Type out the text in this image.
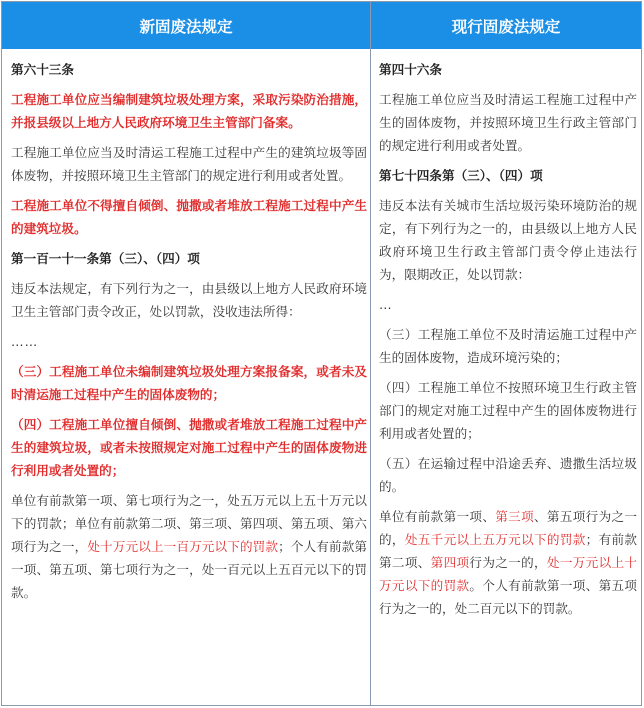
新固废法规定	现行固废法规定

第六十三条

工程施工单位应当编制建筑垃圾处理方案，采取污染防治措施，并报县级以上地方人民政府环境卫生主管部门备案。

工程施工单位应当及时清运工程施工过程中产生的建筑垃圾等固体废物，并按照环境卫生主管部门的规定进行利用或者处置。

工程施工单位不得擅自倾倒、抛撒或者堆放工程施工过程中产生的建筑垃圾。

第一百一十一条第（三）、（四）项

违反本法规定，有下列行为之一，由县级以上地方人民政府环境卫生主管部门责令改正，处以罚款，没收违法所得：

……

（三）工程施工单位未编制建筑垃圾处理方案报备案，或者未及时清运施工过程中产生的固体废物的；

（四）工程施工单位擅自倾倒、抛撒或者堆放工程施工过程中产生的建筑垃圾，或者未按照规定对施工过程中产生的固体废物进行利用或者处置的；

单位有前款第一项、第七项行为之一，处五万元以上五十万元以下的罚款；单位有前款第二项、第三项、第四项、第五项、第六项行为之一，处十万元以上一百万元以下的罚款；个人有前款第一项、第五项、第七项行为之一，处一百元以上五百元以下的罚款。

第四十六条

工程施工单位应当及时清运工程施工过程中产生的固体废物，并按照环境卫生行政主管部门的规定进行利用或者处置。

第七十四条第（三）、（四）项

违反本法有关城市生活垃圾污染环境防治的规定，有下列行为之一的，由县级以上地方人民政府环境卫生行政主管部门责令停止违法行为，限期改正，处以罚款：

…

（三）工程施工单位不及时清运施工过程中产生的固体废物，造成环境污染的；

（四）工程施工单位不按照环境卫生行政主管部门的规定对施工过程中产生的固体废物进行利用或者处置的；

（五）在运输过程中沿途丢弃、遗撒生活垃圾的。

单位有前款第一项、第三项、第五项行为之一的，处五千元以上五万元以下的罚款；有前款第二项、第四项行为之一的，处一万元以上十万元以下的罚款。个人有前款第一项、第五项行为之一的，处二百元以下的罚款。
